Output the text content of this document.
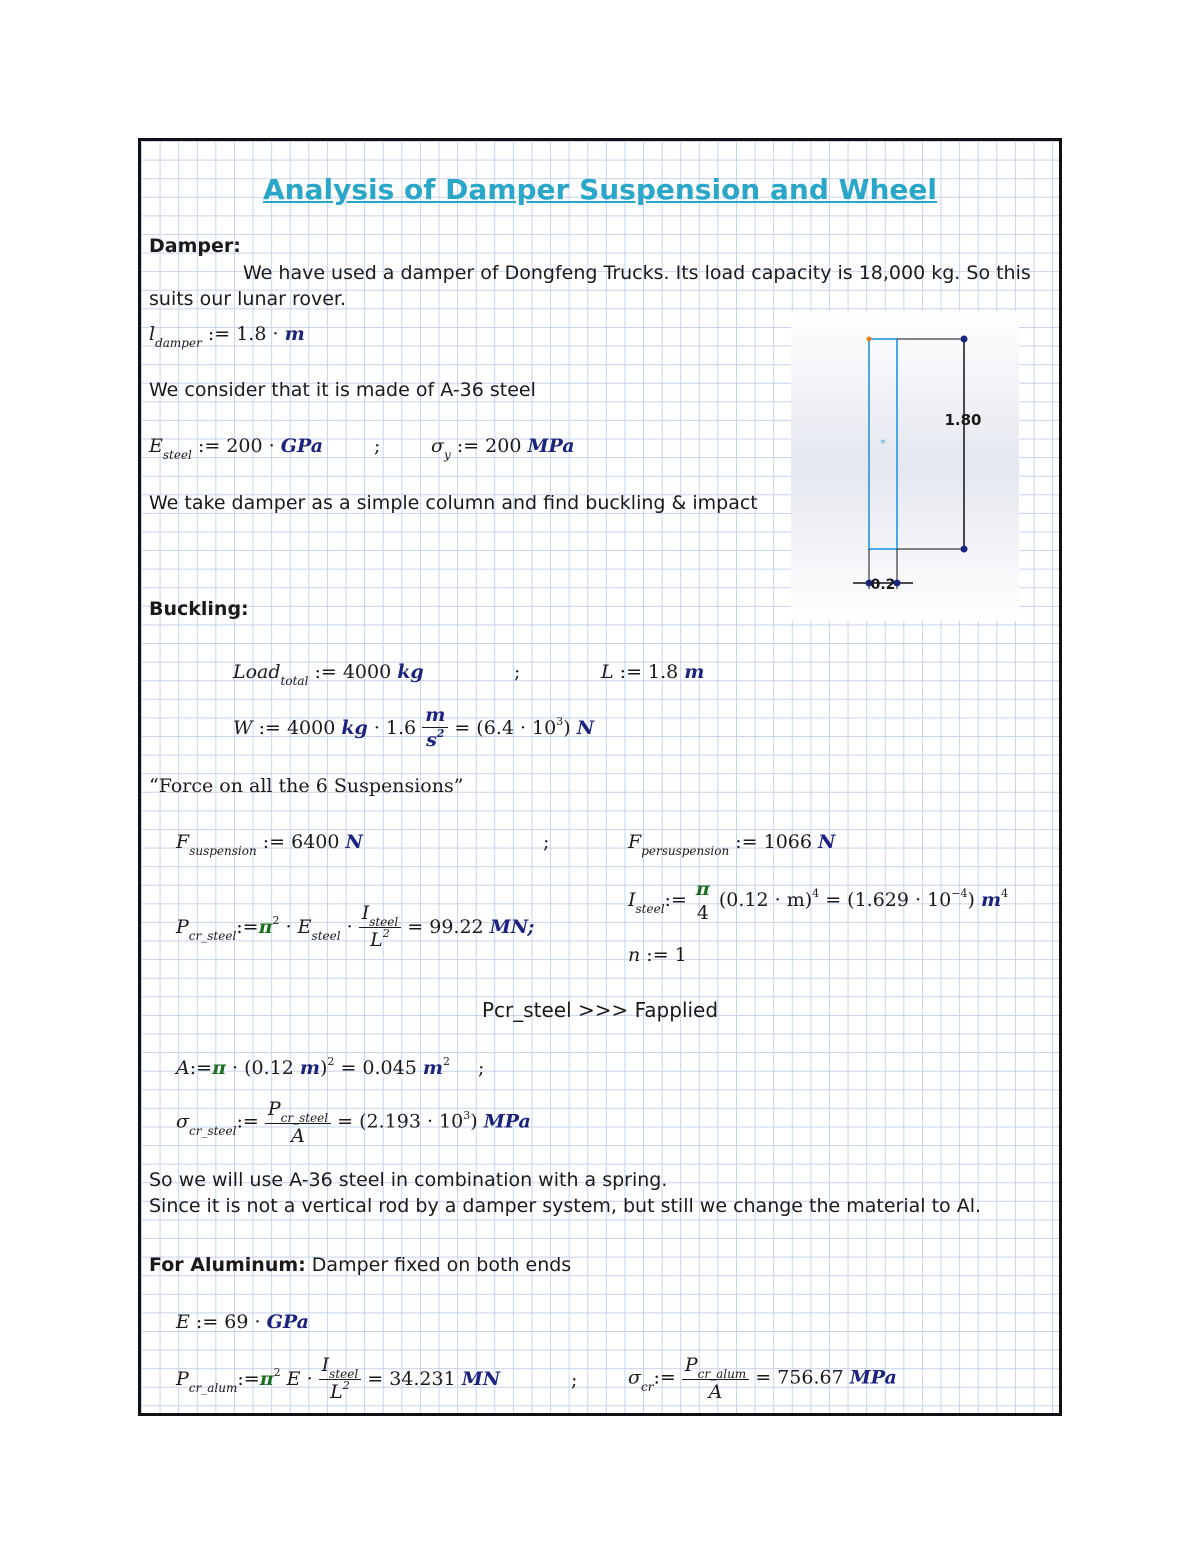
Analysis of Damper Suspension and Wheel
Damper:
We have used a damper of Dongfeng Trucks. Its load capacity is 18,000 kg. So this
suits our lunar rover.
$l_{damper}$ := 1.8 · m
We consider that it is made of A-36 steel
$E_{steel}$ := 200 · GPa	;	$\sigma_y$ := 200 MPa
We take damper as a simple column and find buckling & impact
*
1.80
0.2
Buckling:
Load$_{total}$ := 4000 kg	;	L := 1.8 m
W := 4000 kg · $1.6 \frac{m}{s^2} = (6.4 \cdot 10^3)$ N
“Force on all the 6 Suspensions”
$F_{suspension}$ := 6400 N	;	$F_{persuspension}$ := 1066 N
$I_{steel}:= \pi$
4
$(0.12 \cdot m)^4 = (1.629 \cdot 10^{-4})$ $m^4$
$P_{cr\_steel}:=\pi^2 \cdot E_{steel} \cdot \frac{I_{steel}}{L^2} = 99.22$ MN;
n := 1
Pcr_steel >>> Fapplied
A:=π · (0.12 m)$^2$ = 0.045 $m^2$ ;
$\sigma_{cr\_steel}:= \frac{P_{cr\_steel}}{A} = (2.193 \cdot 10^3)$ MPa
So we will use A-36 steel in combination with a spring.
Since it is not a vertical rod by a damper system, but still we change the material to Al.
For Aluminum: Damper fixed on both ends
E := 69 · GPa
$P_{cr\_alum}:=\pi^2$ $E \cdot \frac{I_{steel}}{L^2} = 34.231$ MN	;	$\sigma_{cr}:= \frac{P_{cr\_alum}}{A} = 756.67$ MPa
